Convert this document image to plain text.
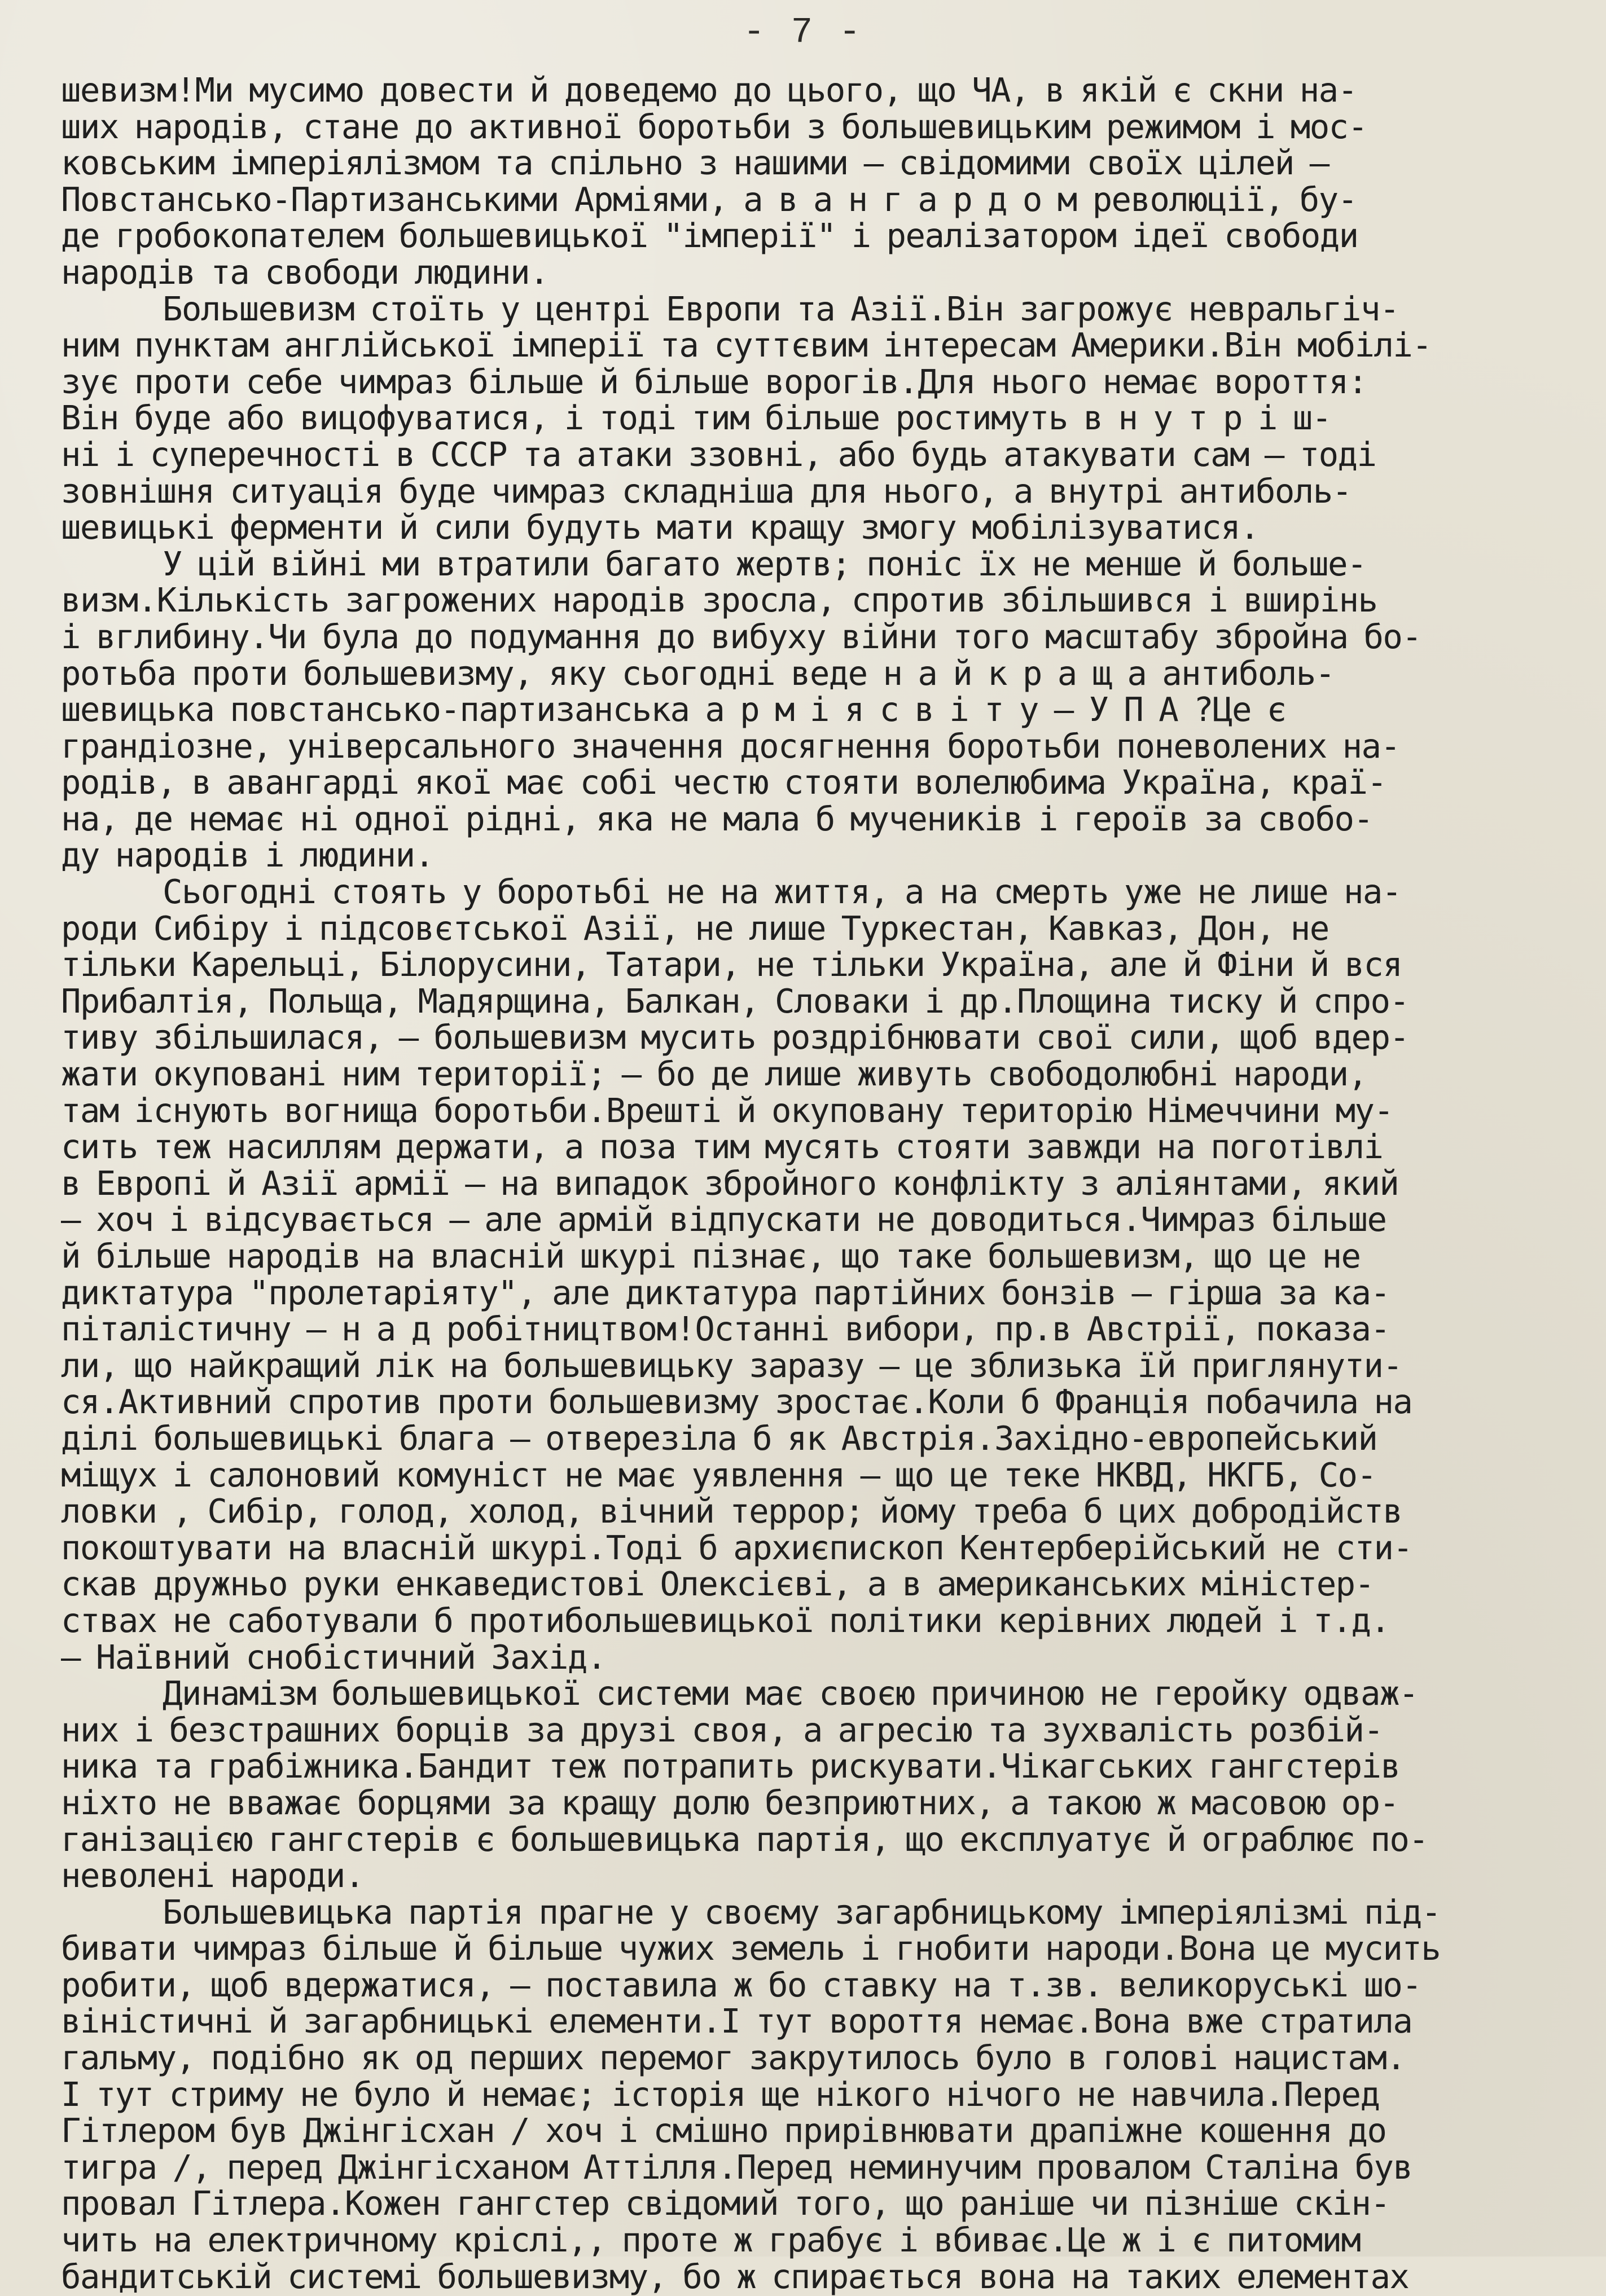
- 7 -
шевизм!Ми мусимо довести й доведемо до цього, що ЧА, в якій є скни на-
ших народів, стане до активної боротьби з большевицьким режимом і мос-
ковським імперіялізмом та спільно з нашими – свідомими своїх цілей –
Повстансько-Партизанськими Арміями, а в а н г а р д о м революції, бу-
де гробокопателем большевицької "імперії" і реалізатором ідеї свободи
народів та свободи людини.
Большевизм стоїть у центрі Европи та Азії.Він загрожує невральгіч-
ним пунктам англійської імперії та суттєвим інтересам Америки.Він мобілі-
зує проти себе чимраз більше й більше ворогів.Для нього немає вороття:
Він буде або вицофуватися, і тоді тим більше ростимуть в н у т р і ш-
ні і суперечності в СССР та атаки ззовні, або будь атакувати сам – тоді
зовнішня ситуація буде чимраз складніша для нього, а внутрі антиболь-
шевицькі ферменти й сили будуть мати кращу змогу мобілізуватися.
У цій війні ми втратили багато жертв; поніс їх не менше й больше-
визм.Кількість загрожених народів зросла, спротив збільшився і вширінь
і вглибину.Чи була до подумання до вибуху війни того масштабу збройна бо-
ротьба проти большевизму, яку сьогодні веде н а й к р а щ а антиболь-
шевицька повстансько-партизанська а р м і я с в і т у – У П А ?Це є
грандіозне, універсального значення досягнення боротьби поневолених на-
родів, в авангарді якої має собі честю стояти волелюбима Україна, краї-
на, де немає ні одної рідні, яка не мала б мучеників і героїв за свобо-
ду народів і людини.
Сьогодні стоять у боротьбі не на життя, а на смерть уже не лише на-
роди Сибіру і підсовєтської Азії, не лише Туркестан, Кавказ, Дон, не
тільки Карельці, Білорусини, Татари, не тільки Україна, але й Фіни й вся
Прибалтія, Польща, Мадярщина, Балкан, Словаки і др.Площина тиску й спро-
тиву збільшилася, – большевизм мусить роздрібнювати свої сили, щоб вдер-
жати окуповані ним території; – бо де лише живуть свободолюбні народи,
там існують вогнища боротьби.Врешті й окуповану територію Німеччини му-
сить теж насиллям держати, а поза тим мусять стояти завжди на поготівлі
в Европі й Азії армії – на випадок збройного конфлікту з аліянтами, який
– хоч і відсувається – але армій відпускати не доводиться.Чимраз більше
й більше народів на власній шкурі пізнає, що таке большевизм, що це не
диктатура "пролетаріяту", але диктатура партійних бонзів – гірша за ка-
піталістичну – н а д робітництвом!Останні вибори, пр.в Австрії, показа-
ли, що найкращий лік на большевицьку заразу – це зблизька їй приглянути-
ся.Активний спротив проти большевизму зростає.Коли б Франція побачила на
ділі большевицькі блага – отверезіла б як Австрія.Західно-европейський
міщух і салоновий комуніст не має уявлення – що це теке НКВД, НКГБ, Со-
ловки , Сибір, голод, холод, вічний террор; йому треба б цих добродійств
покоштувати на власній шкурі.Тоді б архиєпископ Кентерберійський не сти-
скав дружньо руки енкаведистові Олексієві, а в американських міністер-
ствах не саботували б протибольшевицької політики керівних людей і т.д.
– Наївний снобістичний Захід.
Динамізм большевицької системи має своєю причиною не геройку одваж-
них і безстрашних борців за друзі своя, а агресію та зухвалість розбій-
ника та грабіжника.Бандит теж потрапить рискувати.Чікагських гангстерів
ніхто не вважає борцями за кращу долю безприютних, а такою ж масовою ор-
ганізацією гангстерів є большевицька партія, що експлуатує й ограблює по-
неволені народи.
Большевицька партія прагне у своєму загарбницькому імперіялізмі під-
бивати чимраз більше й більше чужих земель і гнобити народи.Вона це мусить
робити, щоб вдержатися, – поставила ж бо ставку на т.зв. великоруські шо-
віністичні й загарбницькі елементи.І тут вороття немає.Вона вже стратила
гальму, подібно як од перших перемог закрутилось було в голові нацистам.
І тут стриму не було й немає; історія ще нікого нічого не навчила.Перед
Гітлером був Джінгісхан / хоч і смішно прирівнювати драпіжне кошення до
тигра /, перед Джінгісханом Аттілля.Перед неминучим провалом Сталіна був
провал Гітлера.Кожен гангстер свідомий того, що раніше чи пізніше скін-
чить на електричному кріслі,, проте ж грабує і вбиває.Це ж і є питомим
бандитській системі большевизму, бо ж спирається вона на таких елементах
